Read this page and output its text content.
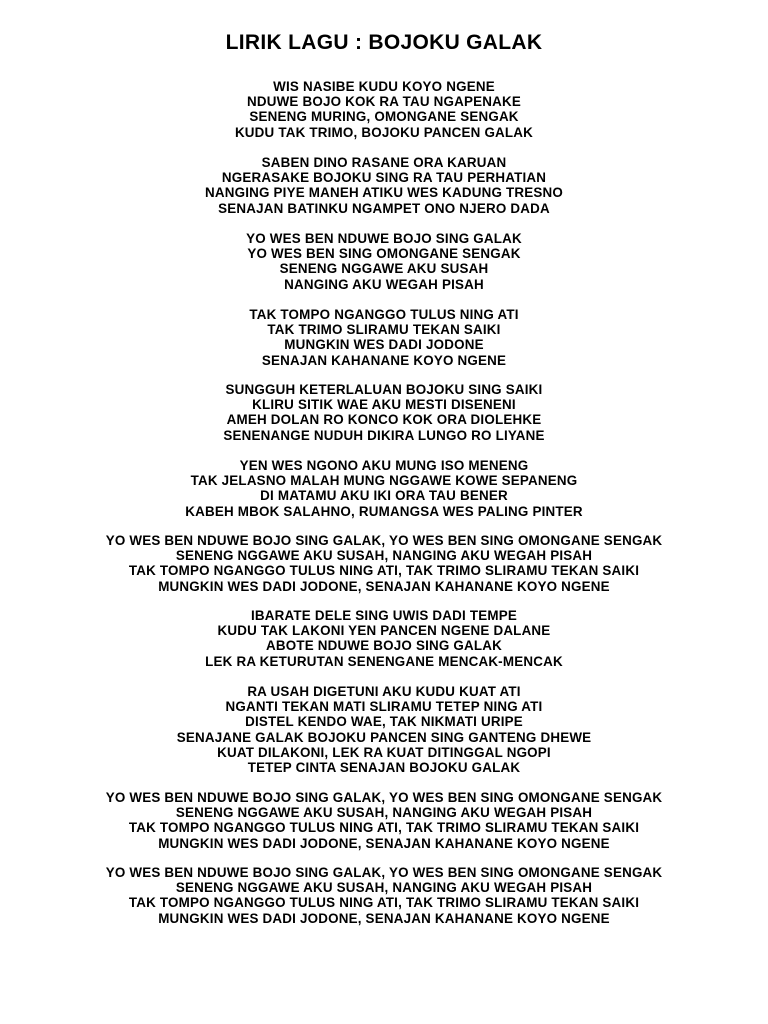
LIRIK LAGU : BOJOKU GALAK
WIS NASIBE KUDU KOYO NGENE
NDUWE BOJO KOK RA TAU NGAPENAKE
SENENG MURING, OMONGANE SENGAK
KUDU TAK TRIMO, BOJOKU PANCEN GALAK
SABEN DINO RASANE ORA KARUAN
NGERASAKE BOJOKU SING RA TAU PERHATIAN
NANGING PIYE MANEH ATIKU WES KADUNG TRESNO
SENAJAN BATINKU NGAMPET ONO NJERO DADA
YO WES BEN NDUWE BOJO SING GALAK
YO WES BEN SING OMONGANE SENGAK
SENENG NGGAWE AKU SUSAH
NANGING AKU WEGAH PISAH
TAK TOMPO NGANGGO TULUS NING ATI
TAK TRIMO SLIRAMU TEKAN SAIKI
MUNGKIN WES DADI JODONE
SENAJAN KAHANANE KOYO NGENE
SUNGGUH KETERLALUAN BOJOKU SING SAIKI
KLIRU SITIK WAE AKU MESTI DISENENI
AMEH DOLAN RO KONCO KOK ORA DIOLEHKE
SENENANGE NUDUH DIKIRA LUNGO RO LIYANE
YEN WES NGONO AKU MUNG ISO MENENG
TAK JELASNO MALAH MUNG NGGAWE KOWE SEPANENG
DI MATAMU AKU IKI ORA TAU BENER
KABEH MBOK SALAHNO, RUMANGSA WES PALING PINTER
YO WES BEN NDUWE BOJO SING GALAK, YO WES BEN SING OMONGANE SENGAK
SENENG NGGAWE AKU SUSAH, NANGING AKU WEGAH PISAH
TAK TOMPO NGANGGO TULUS NING ATI, TAK TRIMO SLIRAMU TEKAN SAIKI
MUNGKIN WES DADI JODONE, SENAJAN KAHANANE KOYO NGENE
IBARATE DELE SING UWIS DADI TEMPE
KUDU TAK LAKONI YEN PANCEN NGENE DALANE
ABOTE NDUWE BOJO SING GALAK
LEK RA KETURUTAN SENENGANE MENCAK-MENCAK
RA USAH DIGETUNI AKU KUDU KUAT ATI
NGANTI TEKAN MATI SLIRAMU TETEP NING ATI
DISTEL KENDO WAE, TAK NIKMATI URIPE
SENAJANE GALAK BOJOKU PANCEN SING GANTENG DHEWE
KUAT DILAKONI, LEK RA KUAT DITINGGAL NGOPI
TETEP CINTA SENAJAN BOJOKU GALAK
YO WES BEN NDUWE BOJO SING GALAK, YO WES BEN SING OMONGANE SENGAK
SENENG NGGAWE AKU SUSAH, NANGING AKU WEGAH PISAH
TAK TOMPO NGANGGO TULUS NING ATI, TAK TRIMO SLIRAMU TEKAN SAIKI
MUNGKIN WES DADI JODONE, SENAJAN KAHANANE KOYO NGENE
YO WES BEN NDUWE BOJO SING GALAK, YO WES BEN SING OMONGANE SENGAK
SENENG NGGAWE AKU SUSAH, NANGING AKU WEGAH PISAH
TAK TOMPO NGANGGO TULUS NING ATI, TAK TRIMO SLIRAMU TEKAN SAIKI
MUNGKIN WES DADI JODONE, SENAJAN KAHANANE KOYO NGENE
